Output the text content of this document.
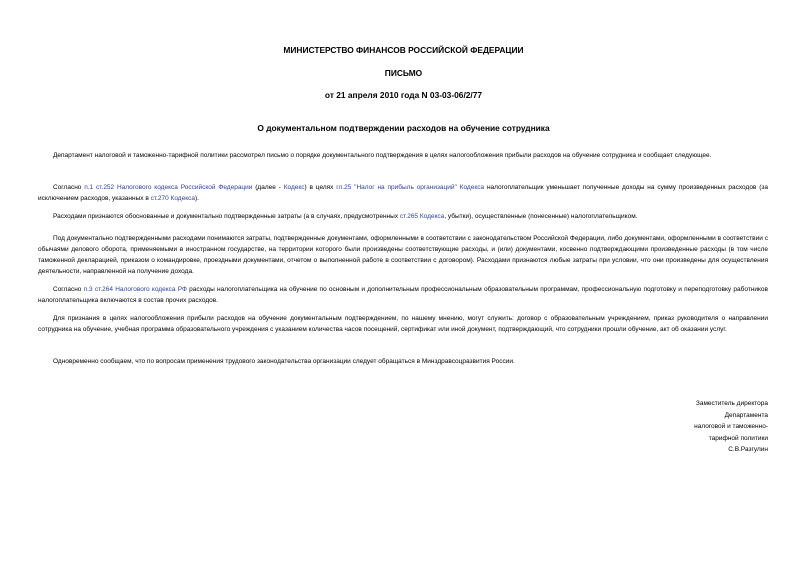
МИНИСТЕРСТВО ФИНАНСОВ РОССИЙСКОЙ ФЕДЕРАЦИИ
ПИСЬМО
от 21 апреля 2010 года N 03-03-06/2/77
О документальном подтверждении расходов на обучение сотрудника
Департамент налоговой и таможенно-тарифной политики рассмотрел письмо о порядке документального подтверждения в целях налогообложения прибыли расходов на обучение сотрудника и сообщает следующее.
Согласно п.1 ст.252 Налогового кодекса Российской Федерации (далее - Кодекс) в целях гл.25 "Налог на прибыль организаций" Кодекса налогоплательщик уменьшает полученные доходы на сумму произведенных расходов (за исключением расходов, указанных в ст.270 Кодекса).
Расходами признаются обоснованные и документально подтвержденные затраты (а в случаях, предусмотренных ст.265 Кодекса, убытки), осуществленные (понесенные) налогоплательщиком.
Под документально подтвержденными расходами понимаются затраты, подтвержденные документами, оформленными в соответствии с законодательством Российской Федерации, либо документами, оформленными в соответствии с обычаями делового оборота, применяемыми в иностранном государстве, на территории которого были произведены соответствующие расходы, и (или) документами, косвенно подтверждающими произведенные расходы (в том числе таможенной декларацией, приказом о командировке, проездными документами, отчетом о выполненной работе в соответствии с договором). Расходами признаются любые затраты при условии, что они произведены для осуществления деятельности, направленной на получение дохода.
Согласно п.3 ст.264 Налогового кодекса РФ расходы налогоплательщика на обучение по основным и дополнительным профессиональным образовательным программам, профессиональную подготовку и переподготовку работников налогоплательщика включаются в состав прочих расходов.
Для признания в целях налогообложения прибыли расходов на обучение документальным подтверждением, по нашему мнению, могут служить: договор с образовательным учреждением, приказ руководителя о направлении сотрудника на обучение, учебная программа образовательного учреждения с указанием количества часов посещений, сертификат или иной документ, подтверждающий, что сотрудники прошли обучение, акт об оказании услуг.
Одновременно сообщаем, что по вопросам применения трудового законодательства организации следует обращаться в Минздравсоцразвития России.
Заместитель директора
Департамента
налоговой и таможенно-
тарифной политики
С.В.Разгулин
